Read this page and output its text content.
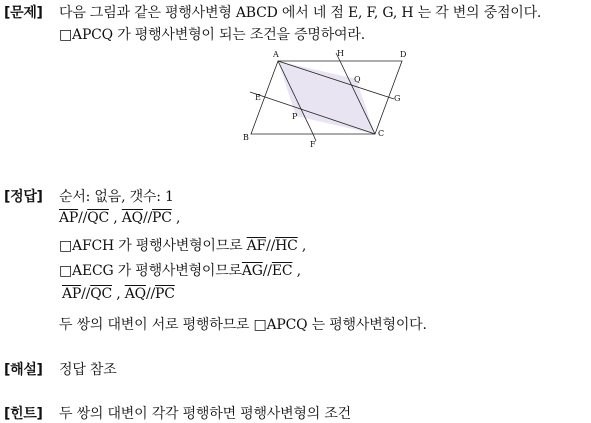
[문제] 다음 그림과 같은 평행사변형 ABCD 에서 네 점 E, F, G, H 는 각 변의 중점이다.
□APCQ 가 평행사변형이 되는 조건을 증명하여라.
A	H	D
Q
E	G
P
B	C
F
[정답] 순서: 없음, 갯수: 1
$\overline{AP}//\overline{QC}$ , $\overline{AQ}//\overline{PC}$ ,
□AFCH 가 평행사변형이므로 $\overline{AF}//\overline{HC}$ ,
□AECG 가 평행사변형이므로$\overline{AG}//\overline{EC}$ ,
$\overline{AP}//\overline{QC}$ , $\overline{AQ}//\overline{PC}$
두 쌍의 대변이 서로 평행하므로 □APCQ 는 평행사변형이다.
[해설] 정답 참조
[힌트] 두 쌍의 대변이 각각 평행하면 평행사변형의 조건
